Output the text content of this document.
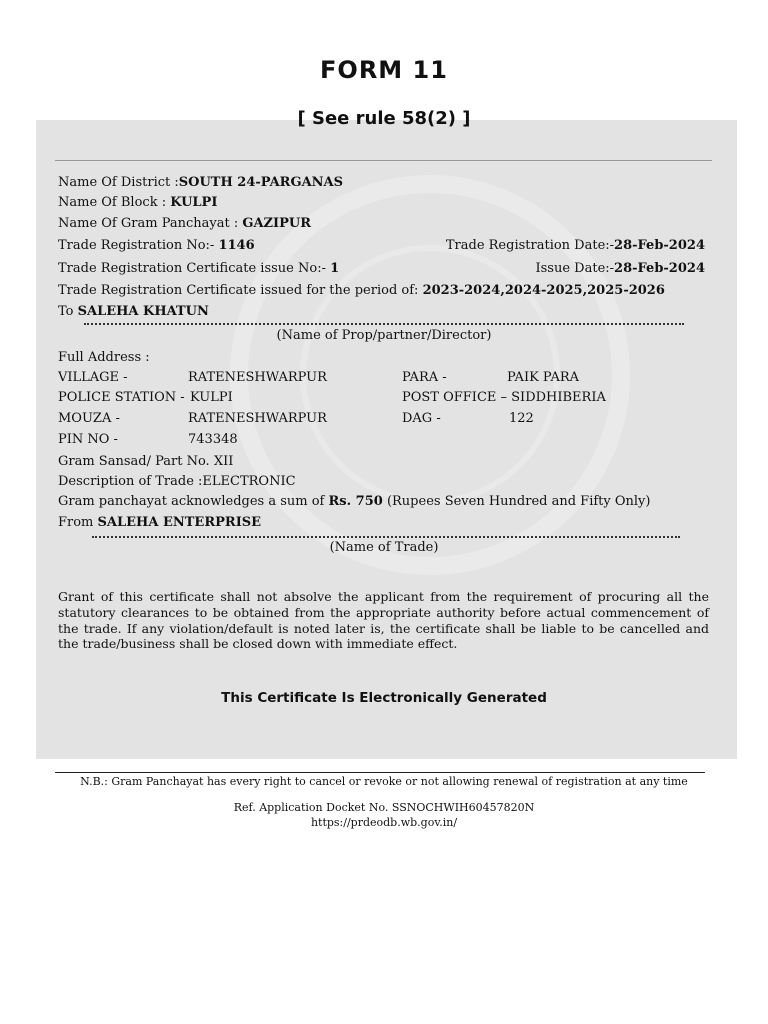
FORM 11
[ See rule 58(2) ]
Name Of District :SOUTH 24-PARGANAS
Name Of Block : KULPI
Name Of Gram Panchayat : GAZIPUR
Trade Registration No:- 1146	Trade Registration Date:-28-Feb-2024
Trade Registration Certificate issue No:- 1	Issue Date:-28-Feb-2024
Trade Registration Certificate issued for the period of: 2023-2024,2024-2025,2025-2026
To SALEHA KHATUN
(Name of Prop/partner/Director)
Full Address :
VILLAGE -	RATENESHWARPUR	PARA -	PAIK PARA
POLICE STATION - KULPI	POST OFFICE – SIDDHIBERIA
MOUZA -	RATENESHWARPUR	DAG -	122
PIN NO -	743348
Gram Sansad/ Part No. XII
Description of Trade :ELECTRONIC
Gram panchayat acknowledges a sum of Rs. 750 (Rupees Seven Hundred and Fifty Only)
From SALEHA ENTERPRISE
(Name of Trade)
Grant of this certificate shall not absolve the applicant from the requirement of procuring all the statutory clearances to be obtained from the appropriate authority before actual commencement of the trade. If any violation/default is noted later is, the certificate shall be liable to be cancelled and the trade/business shall be closed down with immediate effect.
This Certificate Is Electronically Generated
N.B.: Gram Panchayat has every right to cancel or revoke or not allowing renewal of registration at any time
Ref. Application Docket No. SSNOCHWIH60457820N
https://prdeodb.wb.gov.in/
